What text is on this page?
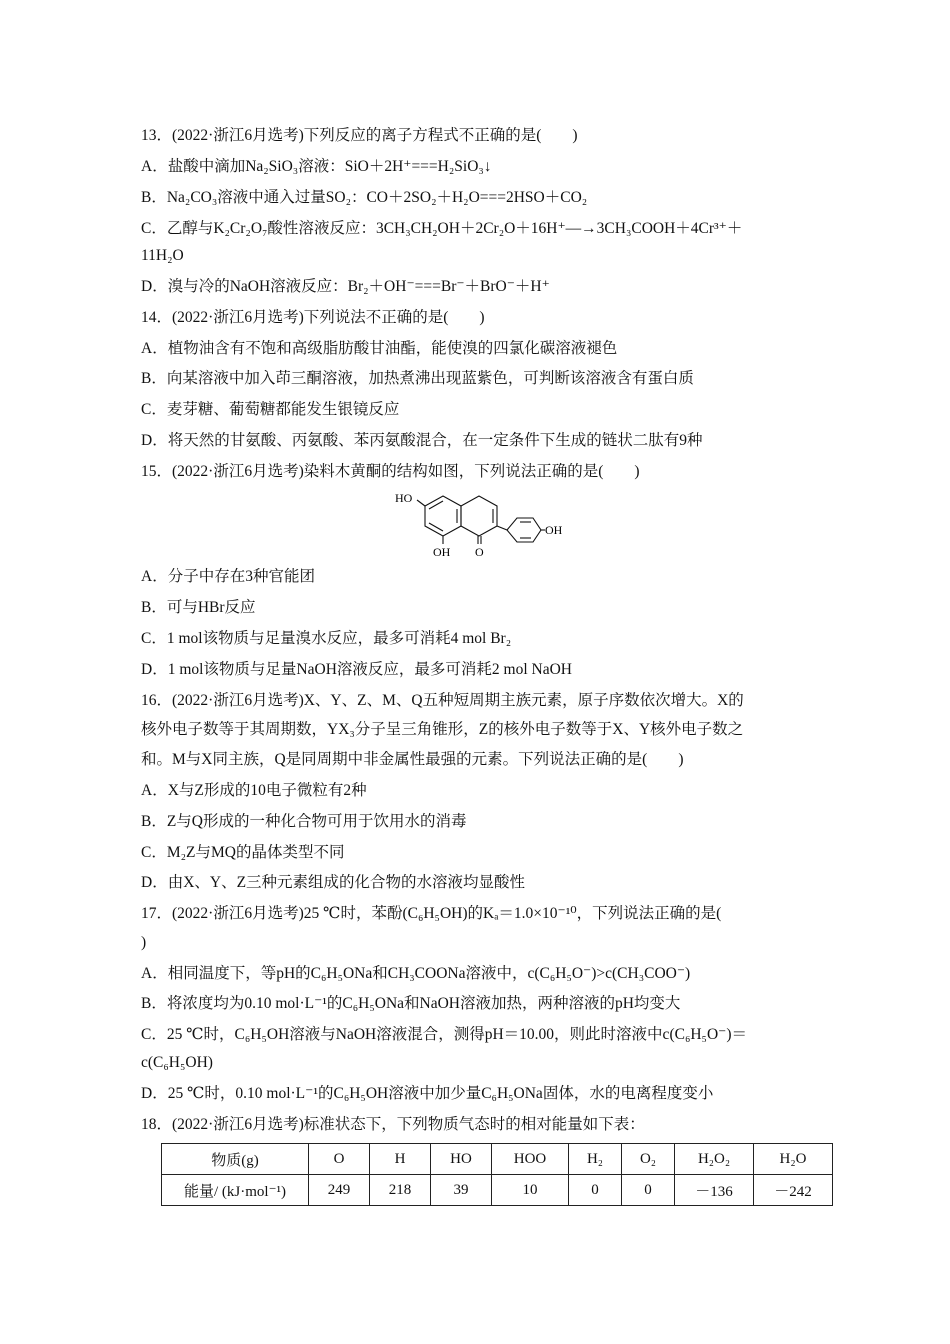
13．(2022·浙江6月选考)下列反应的离子方程式不正确的是(　　)
A．盐酸中滴加Na₂SiO₃溶液：SiO＋2H⁺===H₂SiO₃↓
B．Na₂CO₃溶液中通入过量SO₂：CO＋2SO₂＋H₂O===2HSO＋CO₂
C．乙醇与K₂Cr₂O₇酸性溶液反应：3CH₃CH₂OH＋2Cr₂O＋16H⁺―→3CH₃COOH＋4Cr³⁺＋
11H₂O
D．溴与冷的NaOH溶液反应：Br₂＋OH⁻===Br⁻＋BrO⁻＋H⁺
14．(2022·浙江6月选考)下列说法不正确的是(　　)
A．植物油含有不饱和高级脂肪酸甘油酯，能使溴的四氯化碳溶液褪色
B．向某溶液中加入茚三酮溶液，加热煮沸出现蓝紫色，可判断该溶液含有蛋白质
C．麦芽糖、葡萄糖都能发生银镜反应
D．将天然的甘氨酸、丙氨酸、苯丙氨酸混合，在一定条件下生成的链状二肽有9种
15．(2022·浙江6月选考)染料木黄酮的结构如图，下列说法正确的是(　　)
HO
OH
OH O
A．分子中存在3种官能团
B．可与HBr反应
C．1 mol该物质与足量溴水反应，最多可消耗4 mol Br₂
D．1 mol该物质与足量NaOH溶液反应，最多可消耗2 mol NaOH
16．(2022·浙江6月选考)X、Y、Z、M、Q五种短周期主族元素，原子序数依次增大。X的
核外电子数等于其周期数，YX₃分子呈三角锥形，Z的核外电子数等于X、Y核外电子数之
和。M与X同主族，Q是同周期中非金属性最强的元素。下列说法正确的是(　　)
A．X与Z形成的10电子微粒有2种
B．Z与Q形成的一种化合物可用于饮用水的消毒
C．M₂Z与MQ的晶体类型不同
D．由X、Y、Z三种元素组成的化合物的水溶液均显酸性
17．(2022·浙江6月选考)25 ℃时，苯酚(C₆H₅OH)的Kₐ＝1.0×10⁻¹⁰，下列说法正确的是(
)
A．相同温度下，等pH的C₆H₅ONa和CH₃COONa溶液中，c(C₆H₅O⁻)>c(CH₃COO⁻)
B．将浓度均为0.10 mol·L⁻¹的C₆H₅ONa和NaOH溶液加热，两种溶液的pH均变大
C．25 ℃时，C₆H₅OH溶液与NaOH溶液混合，测得pH＝10.00，则此时溶液中c(C₆H₅O⁻)＝
c(C₆H₅OH)
D．25 ℃时，0.10 mol·L⁻¹的C₆H₅OH溶液中加少量C₆H₅ONa固体，水的电离程度变小
18．(2022·浙江6月选考)标准状态下，下列物质气态时的相对能量如下表：
物质(g)	O	H	HO	HOO	H₂	O₂	H₂O₂	H₂O
能量/ (kJ·mol⁻¹)	249	218	39	10	0	0	－136	－242
